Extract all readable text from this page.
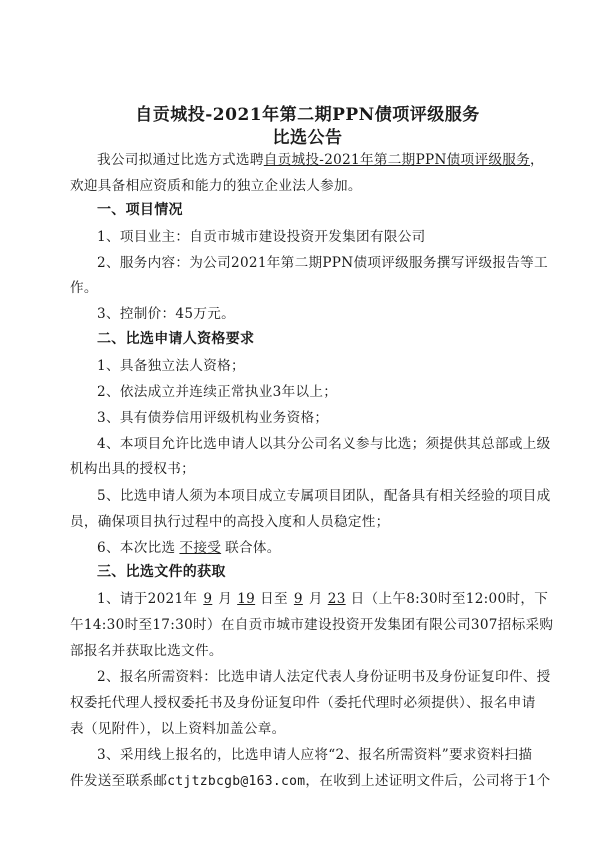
自贡城投-2021年第二期PPN债项评级服务
比选公告
我公司拟通过比选方式选聘自贡城投-2021年第二期PPN债项评级服务，
欢迎具备相应资质和能力的独立企业法人参加。
一、项目情况
1、项目业主：自贡市城市建设投资开发集团有限公司
2、服务内容：为公司2021年第二期PPN债项评级服务撰写评级报告等工
作。
3、控制价：45万元。
二、比选申请人资格要求
1、具备独立法人资格；
2、依法成立并连续正常执业3年以上；
3、具有债券信用评级机构业务资格；
4、本项目允许比选申请人以其分公司名义参与比选；须提供其总部或上级
机构出具的授权书；
5、比选申请人须为本项目成立专属项目团队，配备具有相关经验的项目成
员，确保项目执行过程中的高投入度和人员稳定性；
6、本次比选 不接受 联合体。
三、比选文件的获取
1、请于2021年 9 月 19 日至 9 月 23 日（上午8:30时至12:00时，下
午14:30时至17:30时）在自贡市城市建设投资开发集团有限公司307招标采购
部报名并获取比选文件。
2、报名所需资料：比选申请人法定代表人身份证明书及身份证复印件、授
权委托代理人授权委托书及身份证复印件（委托代理时必须提供）、报名申请
表（见附件），以上资料加盖公章。
3、采用线上报名的，比选申请人应将“2、报名所需资料”要求资料扫描
件发送至联系邮ctjtzbcgb@163.com，在收到上述证明文件后，公司将于1个
